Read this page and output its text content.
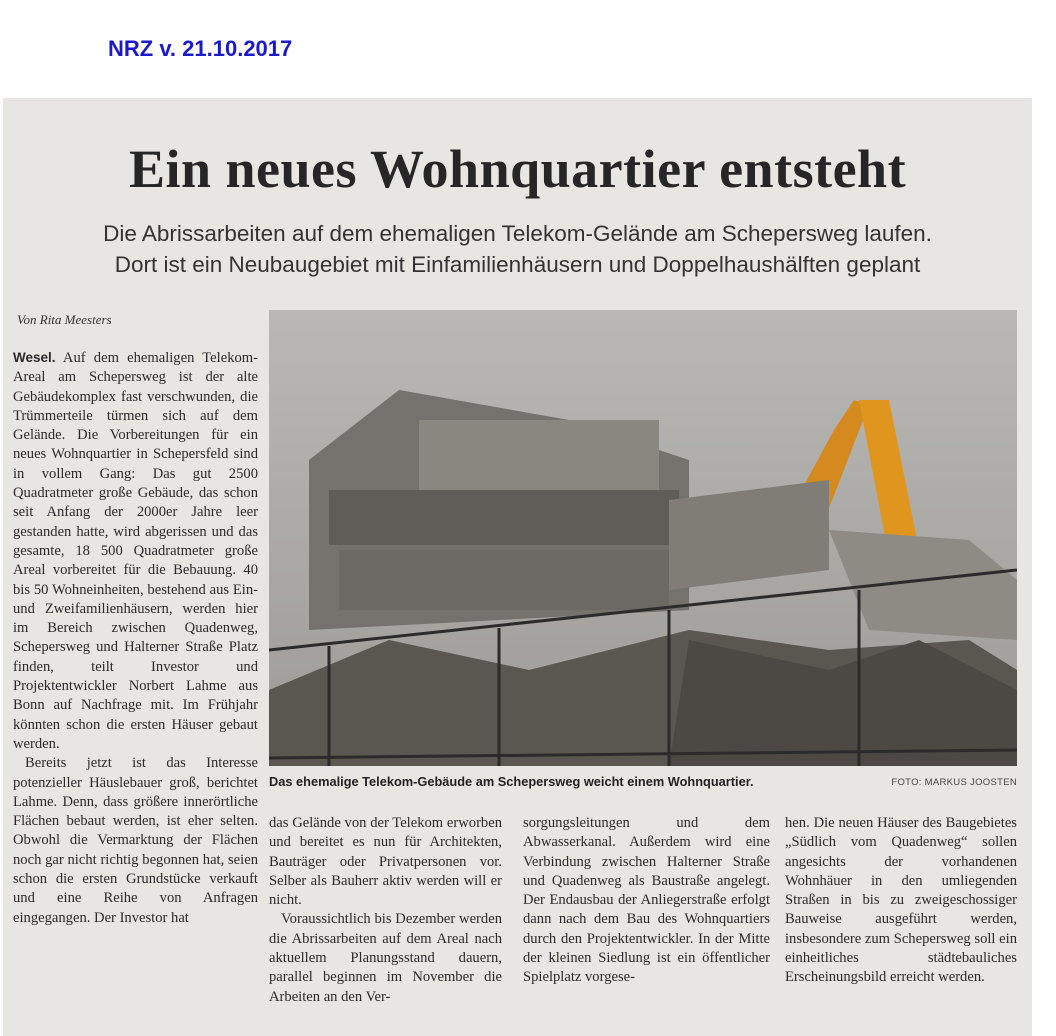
NRZ v. 21.10.2017
Ein neues Wohnquartier entsteht
Die Abrissarbeiten auf dem ehemaligen Telekom-Gelände am Schepersweg laufen.
Dort ist ein Neubaugebiet mit Einfamilienhäusern und Doppelhaushälften geplant
Von Rita Meesters

Wesel. Auf dem ehemaligen Telekom-Areal am Schepersweg ist der alte Gebäudekomplex fast verschwunden, die Trümmerteile türmen sich auf dem Gelände. Die Vorbereitungen für ein neues Wohnquartier in Schepersfeld sind in vollem Gang: Das gut 2500 Quadratmeter große Gebäude, das schon seit Anfang der 2000er Jahre leer gestanden hatte, wird abgerissen und das gesamte, 18 500 Quadratmeter große Areal vorbereitet für die Bebauung. 40 bis 50 Wohneinheiten, bestehend aus Ein- und Zweifamilienhäusern, werden hier im Bereich zwischen Quadenweg, Schepersweg und Halterner Straße Platz finden, teilt Investor und Projektentwickler Norbert Lahme aus Bonn auf Nachfrage mit. Im Frühjahr könnten schon die ersten Häuser gebaut werden.

Bereits jetzt ist das Interesse potenzieller Häuslebauer groß, berichtet Lahme. Denn, dass größere innerörtliche Flächen bebaut werden, ist eher selten. Obwohl die Vermarktung der Flächen noch gar nicht richtig begonnen hat, seien schon die ersten Grundstücke verkauft und eine Reihe von Anfragen eingegangen. Der Investor hat

Das ehemalige Telekom-Gebäude am Schepersweg weicht einem Wohnquartier.	FOTO: MARKUS JOOSTEN

das Gelände von der Telekom erworben und bereitet es nun für Architekten, Bauträger oder Privatpersonen vor. Selber als Bauherr aktiv werden will er nicht.

Voraussichtlich bis Dezember werden die Abrissarbeiten auf dem Areal nach aktuellem Planungsstand dauern, parallel beginnen im November die Arbeiten an den Ver-

sorgungsleitungen und dem Abwasserkanal. Außerdem wird eine Verbindung zwischen Halterner Straße und Quadenweg als Baustraße angelegt. Der Endausbau der Anliegerstraße erfolgt dann nach dem Bau des Wohnquartiers durch den Projektentwickler. In der Mitte der kleinen Siedlung ist ein öffentlicher Spielplatz vorgese-

hen. Die neuen Häuser des Baugebietes „Südlich vom Quadenweg“ sollen angesichts der vorhandenen Wohnhäuer in den umliegenden Straßen in bis zu zweigeschossiger Bauweise ausgeführt werden, insbesondere zum Schepersweg soll ein einheitliches städtebauliches Erscheinungsbild erreicht werden.
